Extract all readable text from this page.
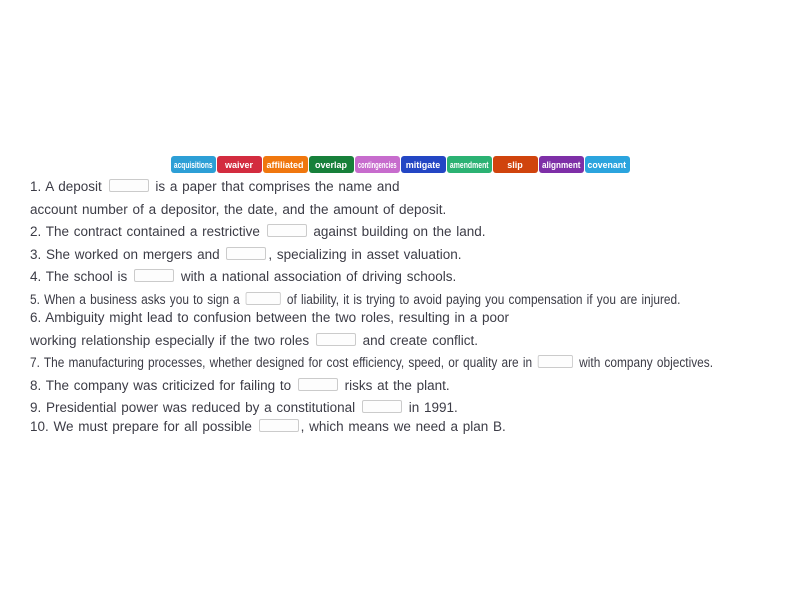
acquisitions waiver affiliated overlap contingencies mitigate amendment slip alignment covenant
1. A deposit	is a paper that comprises the name and
account number of a depositor, the date, and the amount of deposit.
2. The contract contained a restrictive	against building on the land.
3. She worked on mergers and	, specializing in asset valuation.
4. The school is	with a national association of driving schools.
5. When a business asks you to sign a	of liability, it is trying to avoid paying you compensation if you are injured.
6. Ambiguity might lead to confusion between the two roles, resulting in a poor
working relationship especially if the two roles	and create conflict.
7. The manufacturing processes, whether designed for cost efficiency, speed, or quality are in	with company objectives.
8. The company was criticized for failing to	risks at the plant.
9. Presidential power was reduced by a constitutional	in 1991.
10. We must prepare for all possible	, which means we need a plan B.
